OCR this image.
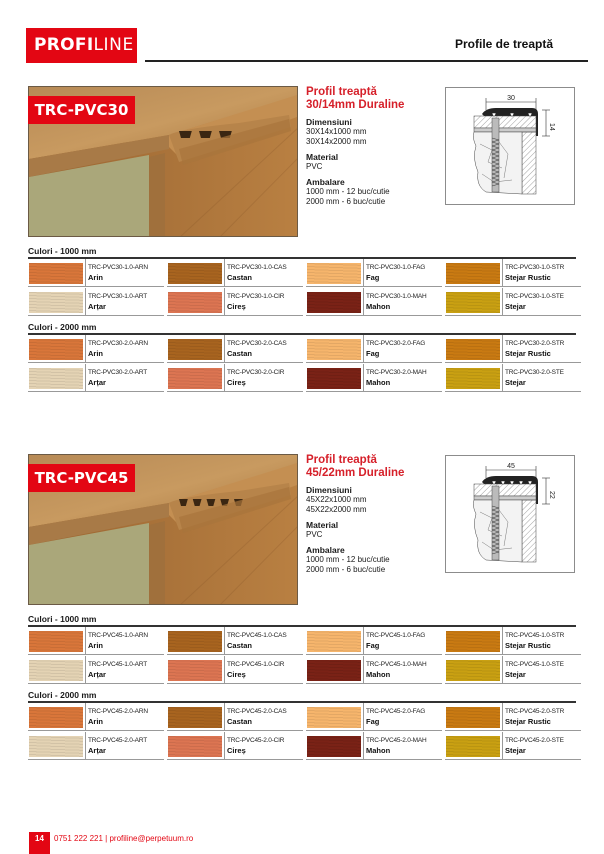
PROFILINE	Profile de treaptă
TRC-PVC30
Profil treaptă
30/14mm Duraline
Dimensiuni
30X14x1000 mm
30X14x2000 mm
Material
PVC
Ambalare
1000 mm - 12 buc/cutie
2000 mm - 6 buc/cutie
30
14
Culori - 1000 mm
TRC-PVC30-1.0-ARN
Arin
TRC-PVC30-1.0-CAS
Castan
TRC-PVC30-1.0-FAG
Fag
TRC-PVC30-1.0-STR
Stejar Rustic
TRC-PVC30-1.0-ART
Arțar
TRC-PVC30-1.0-CIR
Cireș
TRC-PVC30-1.0-MAH
Mahon
TRC-PVC30-1.0-STE
Stejar
Culori - 2000 mm
TRC-PVC30-2.0-ARN
Arin
TRC-PVC30-2.0-CAS
Castan
TRC-PVC30-2.0-FAG
Fag
TRC-PVC30-2.0-STR
Stejar Rustic
TRC-PVC30-2.0-ART
Arțar
TRC-PVC30-2.0-CIR
Cireș
TRC-PVC30-2.0-MAH
Mahon
TRC-PVC30-2.0-STE
Stejar
TRC-PVC45
Profil treaptă
45/22mm Duraline
Dimensiuni
45X22x1000 mm
45X22x2000 mm
Material
PVC
Ambalare
1000 mm - 12 buc/cutie
2000 mm - 6 buc/cutie
45
22
Culori - 1000 mm
TRC-PVC45-1.0-ARN
Arin
TRC-PVC45-1.0-CAS
Castan
TRC-PVC45-1.0-FAG
Fag
TRC-PVC45-1.0-STR
Stejar Rustic
TRC-PVC45-1.0-ART
Arțar
TRC-PVC45-1.0-CIR
Cireș
TRC-PVC45-1.0-MAH
Mahon
TRC-PVC45-1.0-STE
Stejar
Culori - 2000 mm
TRC-PVC45-2.0-ARN
Arin
TRC-PVC45-2.0-CAS
Castan
TRC-PVC45-2.0-FAG
Fag
TRC-PVC45-2.0-STR
Stejar Rustic
TRC-PVC45-2.0-ART
Arțar
TRC-PVC45-2.0-CIR
Cireș
TRC-PVC45-2.0-MAH
Mahon
TRC-PVC45-2.0-STE
Stejar
14	0751 222 221 | profiline@perpetuum.ro
